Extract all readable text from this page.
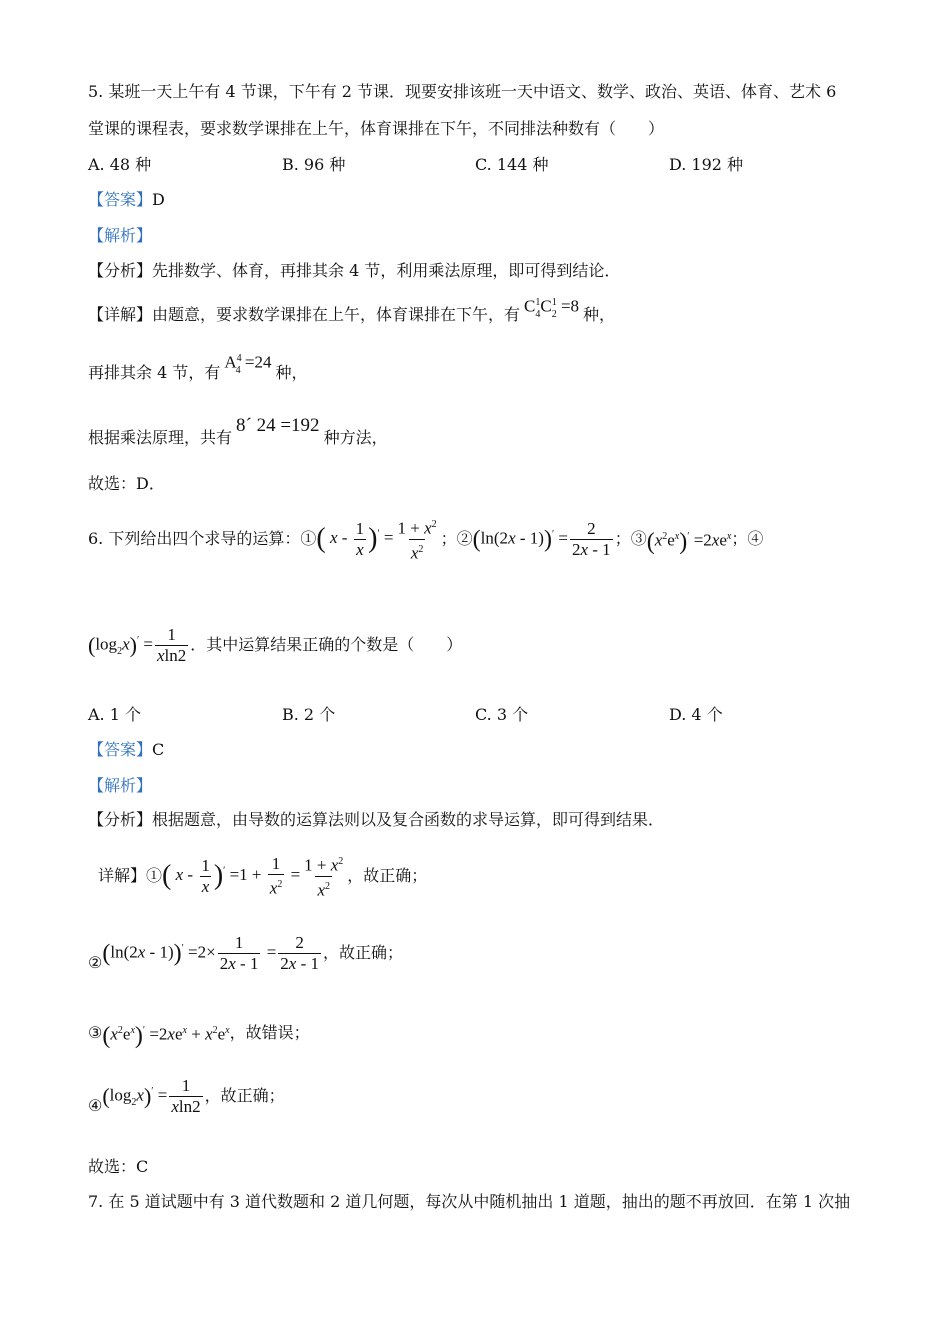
5. 某班一天上午有 4 节课，下午有 2 节课．现要安排该班一天中语文、数学、政治、英语、体育、艺术 6
堂课的课程表，要求数学课排在上午，体育课排在下午，不同排法种数有（　　）
A. 48 种	B. 96 种	C. 144 种	D. 192 种
【答案】D
【解析】
【分析】先排数学、体育，再排其余 4 节，利用乘法原理，即可得到结论．
【详解】由题意，要求数学课排在上午，体育课排在下午，有 $C^1_4C^1_2 =8$ 种，
再排其余 4 节，有
$A^4_4 =24$
种，
根据乘法原理，共有
8´ 24 =192
种方法，
故选：D．
6. 下列给出四个求导的运算：① ( $x - \frac{1}{x} )' = \frac{1 + x^2}{x^2}$ ；② $(\ln(2x - 1))' = \frac{2}{2x - 1}$ ；③ $(x^2e^x)' =2xe^x$ ；④
$(\log_2x)' = \frac{1}{xln2}$ ．其中运算结果正确的个数是（　　）
A. 1 个	B. 2 个	C. 3 个	D. 4 个
【答案】C
【解析】
【分析】根据题意，由导数的运算法则以及复合函数的求导运算，即可得到结果．
详解】① ( $x - \frac{1}{x} )' =1 + \frac{1}{x^2} = \frac{1 + x^2}{x^2}$ ，故正确；
② $(\ln(2x - 1))' =2\times \frac{1}{2x - 1} = \frac{2}{2x - 1}$ ，故正确；
③ $(x^2e^x)' =2xe^x + x^2e^x$ ，故错误；
④ $(\log_2x)' = \frac{1}{xln2}$ ，故正确；
故选：C
7. 在 5 道试题中有 3 道代数题和 2 道几何题，每次从中随机抽出 1 道题，抽出的题不再放回．在第 1 次抽
